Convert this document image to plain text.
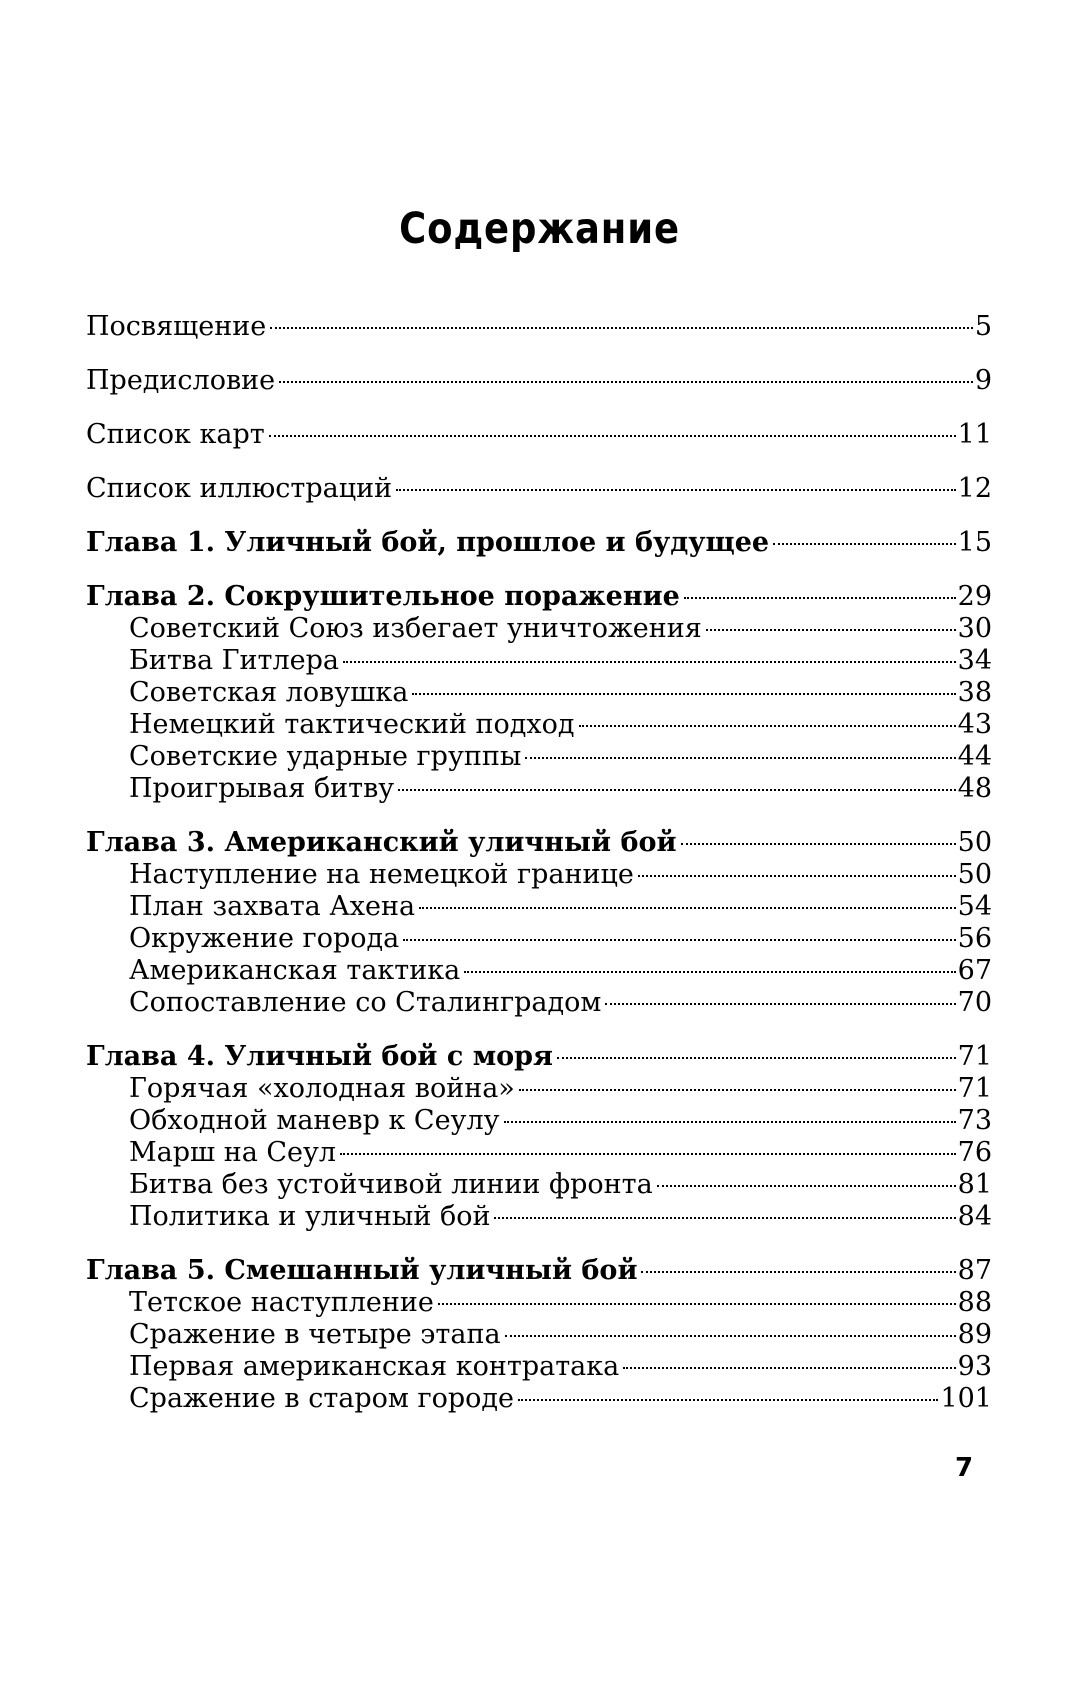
Содержание
Посвящение	5
Предисловие	9
Список карт	11
Список иллюстраций	12
Глава 1. Уличный бой, прошлое и будущее	15
Глава 2. Сокрушительное поражение	29
Советский Союз избегает уничтожения	30
Битва Гитлера	34
Советская ловушка	38
Немецкий тактический подход	43
Советские ударные группы	44
Проигрывая битву	48
Глава 3. Американский уличный бой	50
Наступление на немецкой границе	50
План захвата Ахена	54
Окружение города	56
Американская тактика	67
Сопоставление со Сталинградом	70
Глава 4. Уличный бой с моря	71
Горячая «холодная война»	71
Обходной маневр к Сеулу	73
Марш на Сеул	76
Битва без устойчивой линии фронта	81
Политика и уличный бой	84
Глава 5. Смешанный уличный бой	87
Тетское наступление	88
Сражение в четыре этапа	89
Первая американская контратака	93
Сражение в старом городе	101
7
